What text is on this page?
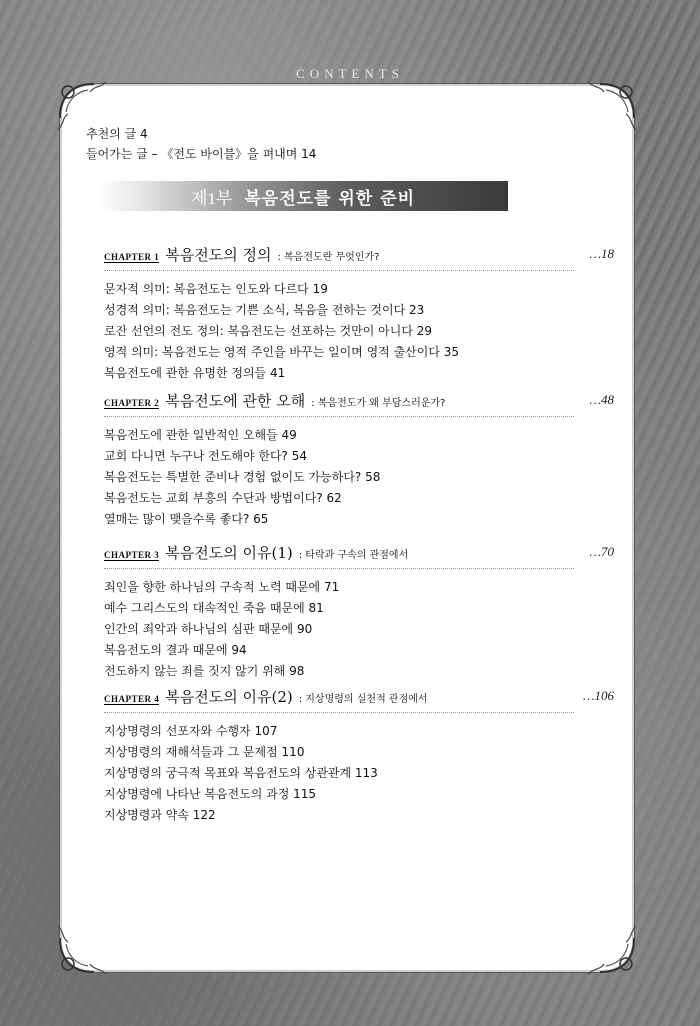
CONTENTS
추천의 글 4
들어가는 글 – 《전도 바이블》을 펴내며 14
제1부 복음전도를 위한 준비
CHAPTER 1 복음전도의 정의 : 복음전도란 무엇인가?	…18
문자적 의미: 복음전도는 인도와 다르다 19
성경적 의미: 복음전도는 기쁜 소식, 복음을 전하는 것이다 23
로잔 선언의 전도 정의: 복음전도는 선포하는 것만이 아니다 29
영적 의미: 복음전도는 영적 주인을 바꾸는 일이며 영적 출산이다 35
복음전도에 관한 유명한 정의들 41
CHAPTER 2 복음전도에 관한 오해 : 복음전도가 왜 부담스러운가?	…48
복음전도에 관한 일반적인 오해들 49
교회 다니면 누구나 전도해야 한다? 54
복음전도는 특별한 준비나 경험 없이도 가능하다? 58
복음전도는 교회 부흥의 수단과 방법이다? 62
열매는 많이 맺을수록 좋다? 65
CHAPTER 3 복음전도의 이유(1) : 타락과 구속의 관점에서	…70
죄인을 향한 하나님의 구속적 노력 때문에 71
예수 그리스도의 대속적인 죽음 때문에 81
인간의 죄악과 하나님의 심판 때문에 90
복음전도의 결과 때문에 94
전도하지 않는 죄를 짓지 않기 위해 98
CHAPTER 4 복음전도의 이유(2) : 지상명령의 실천적 관점에서	…106
지상명령의 선포자와 수행자 107
지상명령의 재해석들과 그 문제점 110
지상명령의 궁극적 목표와 복음전도의 상관관계 113
지상명령에 나타난 복음전도의 과정 115
지상명령과 약속 122
